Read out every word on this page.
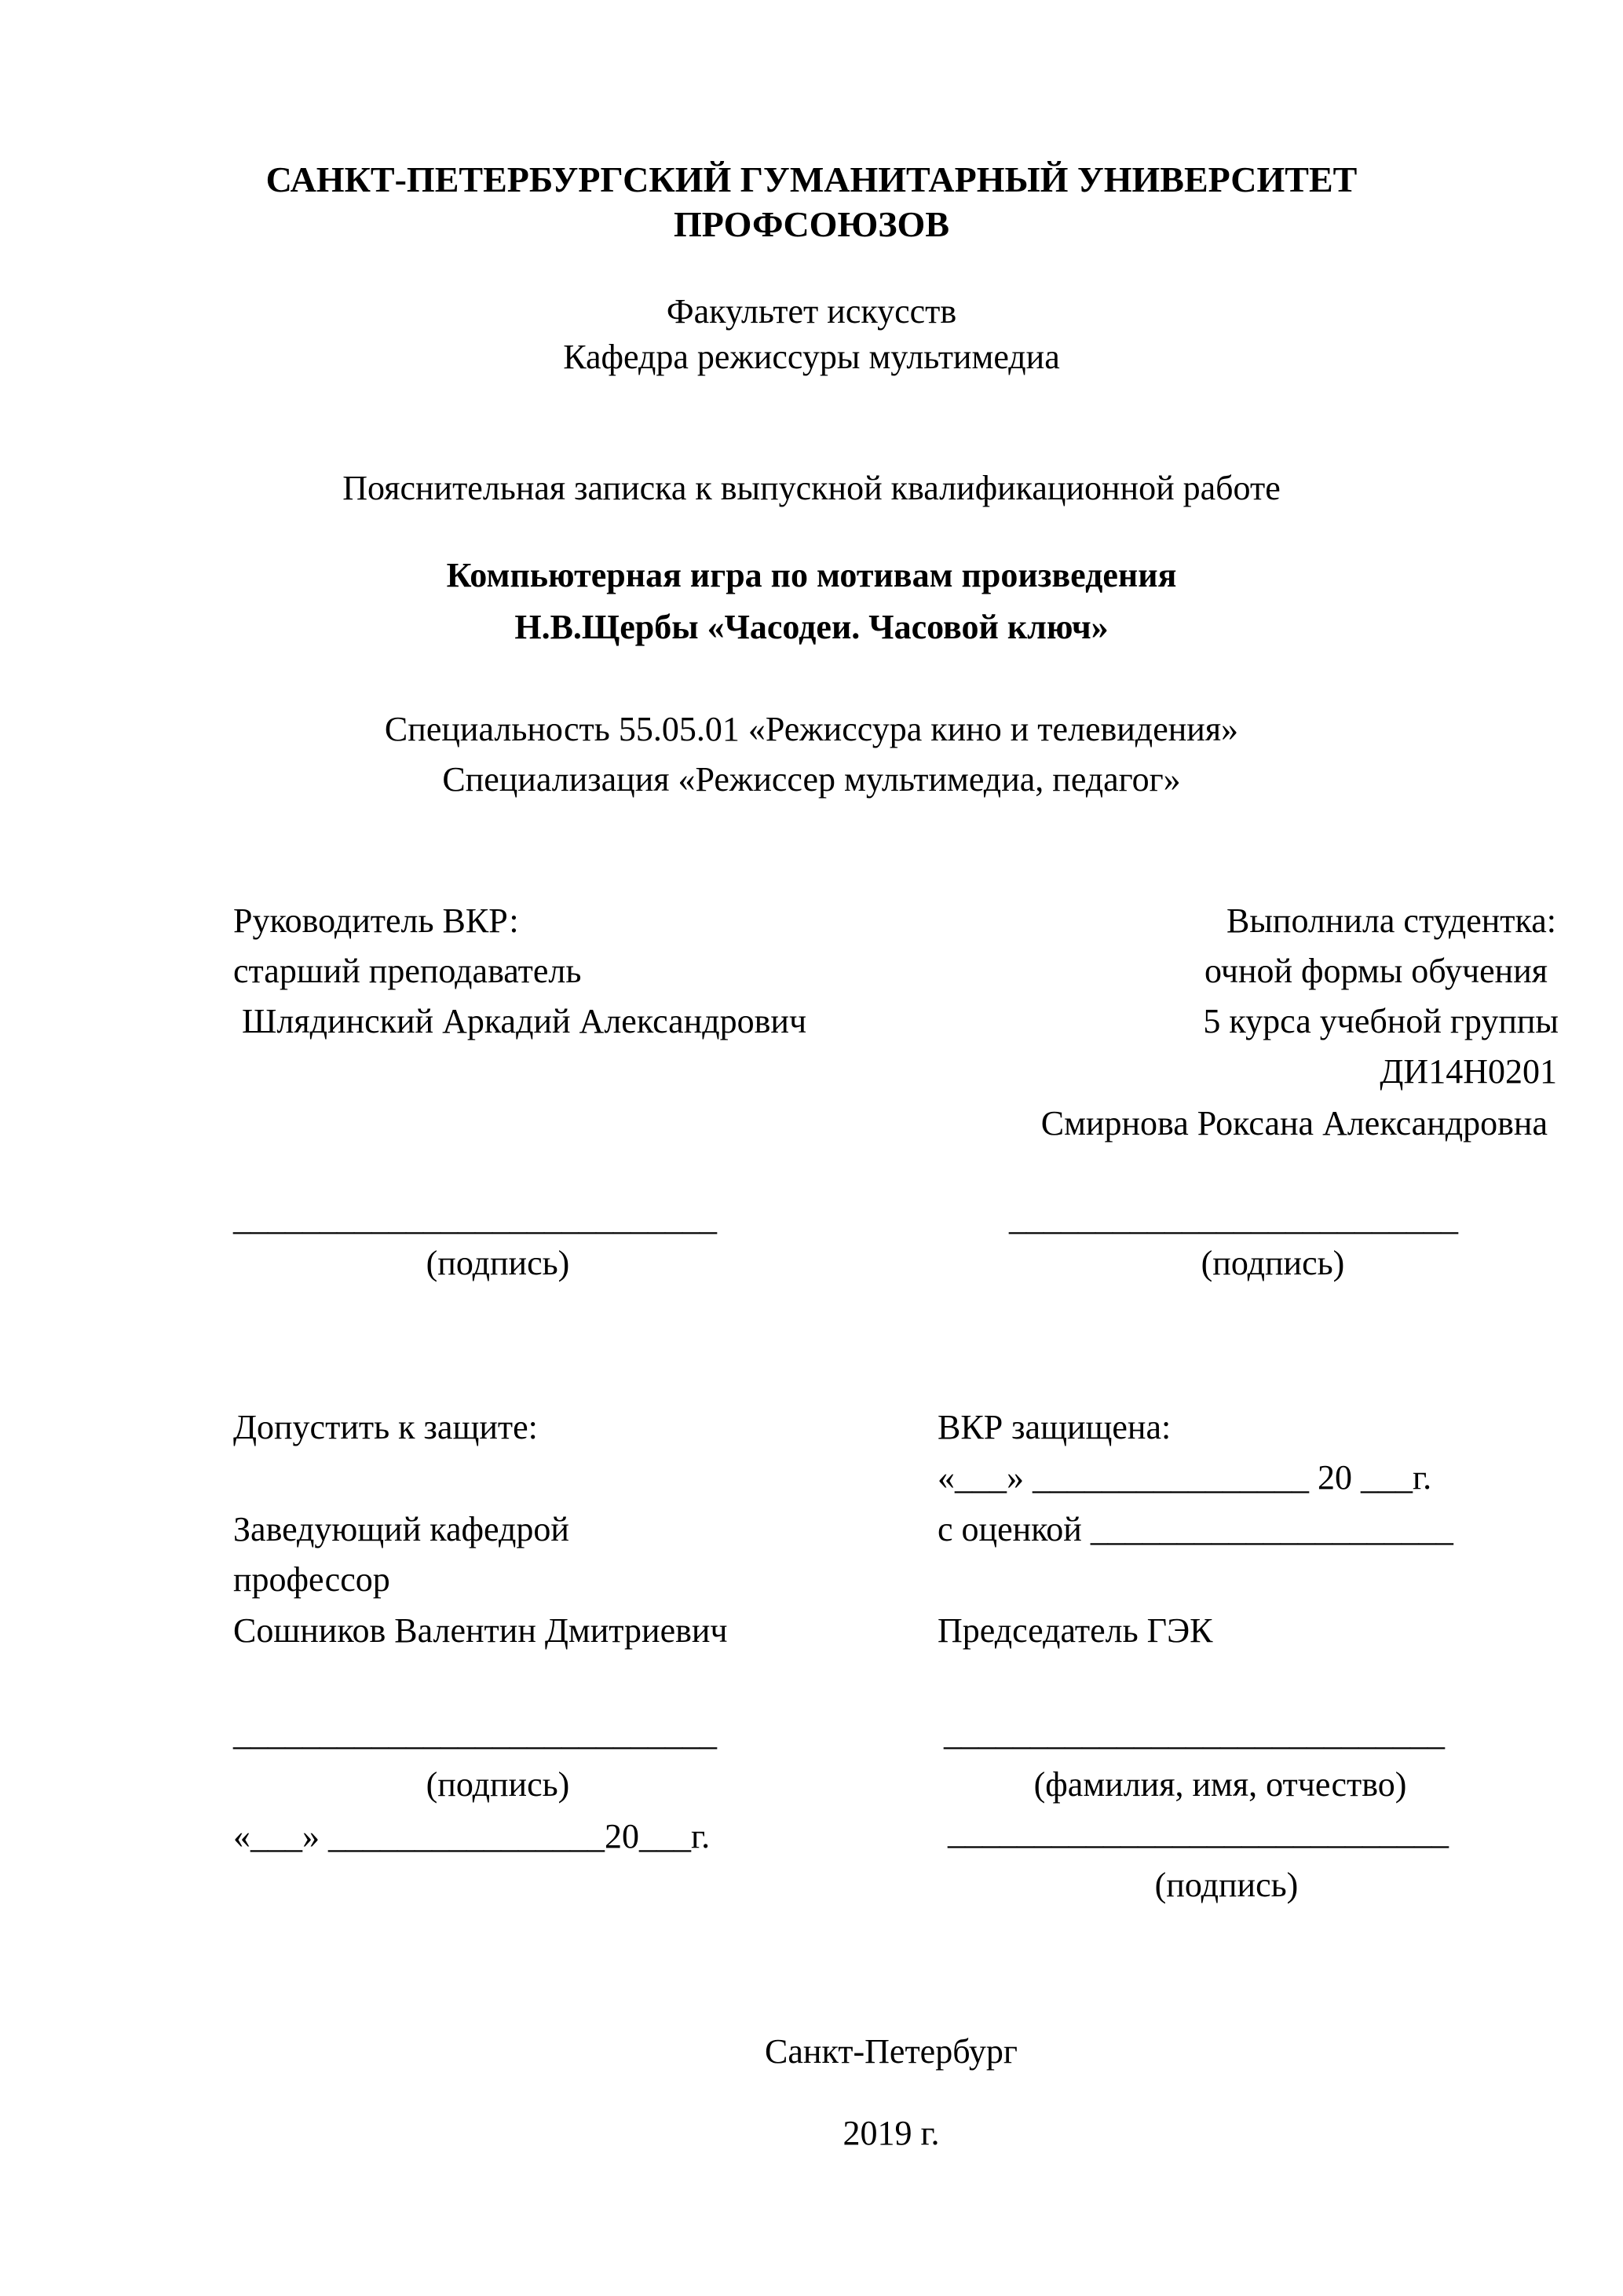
САНКТ-ПЕТЕРБУРГСКИЙ ГУМАНИТАРНЫЙ УНИВЕРСИТЕТ
ПРОФСОЮЗОВ
Факультет искусств
Кафедра режиссуры мультимедиа
Пояснительная записка к выпускной квалификационной работе
Компьютерная игра по мотивам произведения
Н.В.Щербы «Часодеи. Часовой ключ»
Специальность 55.05.01 «Режиссура кино и телевидения»
Специализация «Режиссер мультимедиа, педагог»
Руководитель ВКР:
старший преподаватель
Шлядинский Аркадий Александрович
____________________________
(подпись)
Выполнила студентка:
очной формы обучения
5 курса учебной группы
ДИ14Н0201
Смирнова Роксана Александровна
__________________________
(подпись)
Допустить к защите:
Заведующий кафедрой
профессор
Сошников Валентин Дмитриевич
____________________________
(подпись)
«___» ________________20___г.
ВКР защищена:
«___» ________________ 20 ___г.
с оценкой _____________________
Председатель ГЭК
_____________________________
(фамилия, имя, отчество)
_____________________________
(подпись)
Санкт-Петербург
2019 г.
